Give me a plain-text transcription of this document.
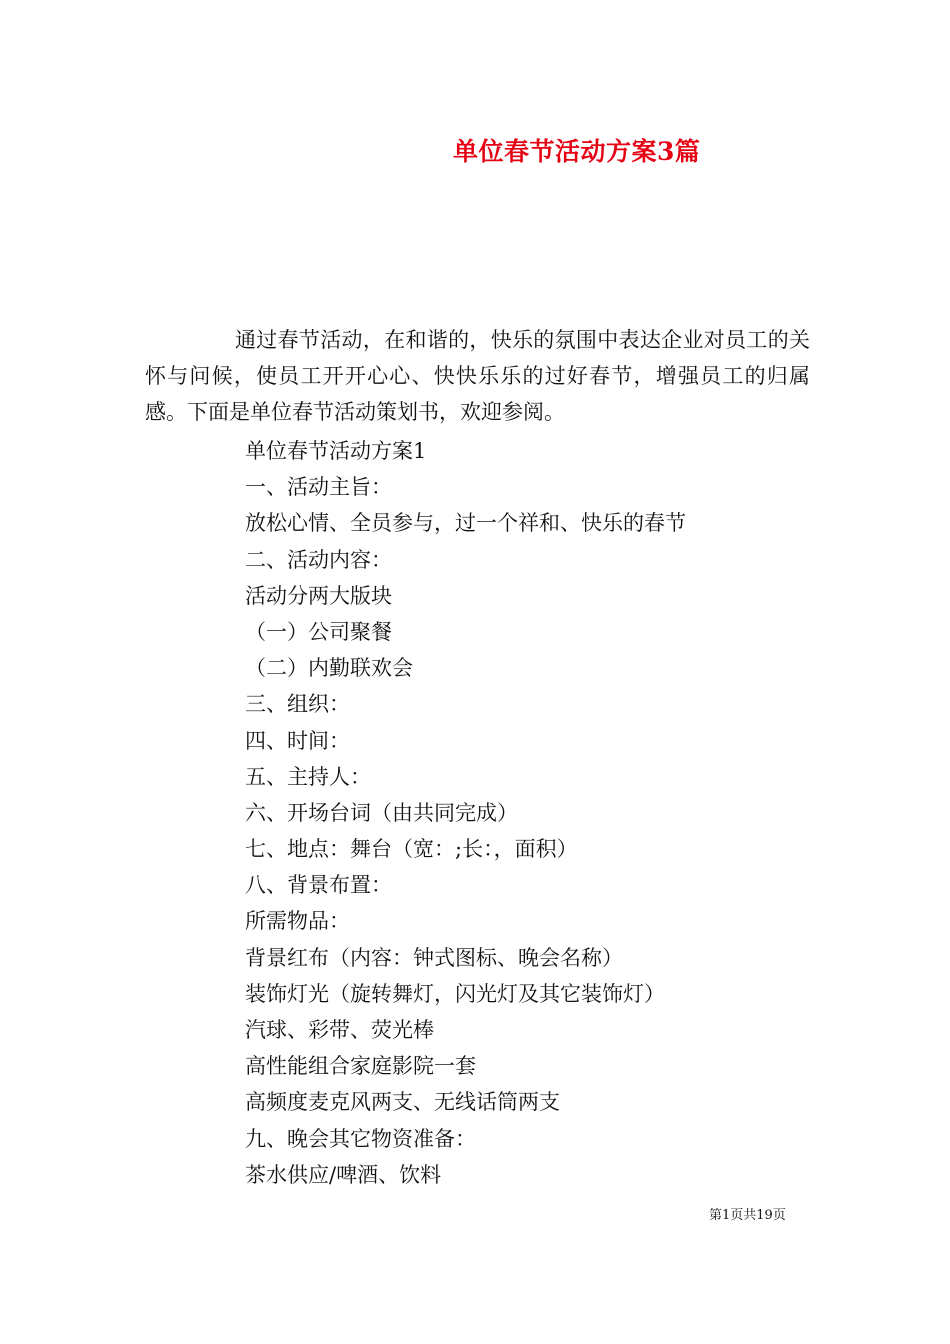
单位春节活动方案3篇

通过春节活动，在和谐的，快乐的氛围中表达企业对员工的关怀与问候，使员工开开心心、快快乐乐的过好春节，增强员工的归属感。下面是单位春节活动策划书，欢迎参阅。

单位春节活动方案1
一、活动主旨：
放松心情、全员参与，过一个祥和、快乐的春节
二、活动内容：
活动分两大版块
（一）公司聚餐
（二）内勤联欢会
三、组织：
四、时间：
五、主持人：
六、开场台词（由共同完成）
七、地点：舞台（宽：;长：，面积）
八、背景布置：
所需物品：
背景红布（内容：钟式图标、晚会名称）
装饰灯光（旋转舞灯，闪光灯及其它装饰灯）
汽球、彩带、荧光棒
高性能组合家庭影院一套
高频度麦克风两支、无线话筒两支
九、晚会其它物资准备：
茶水供应/啤酒、饮料
第1页共19页
